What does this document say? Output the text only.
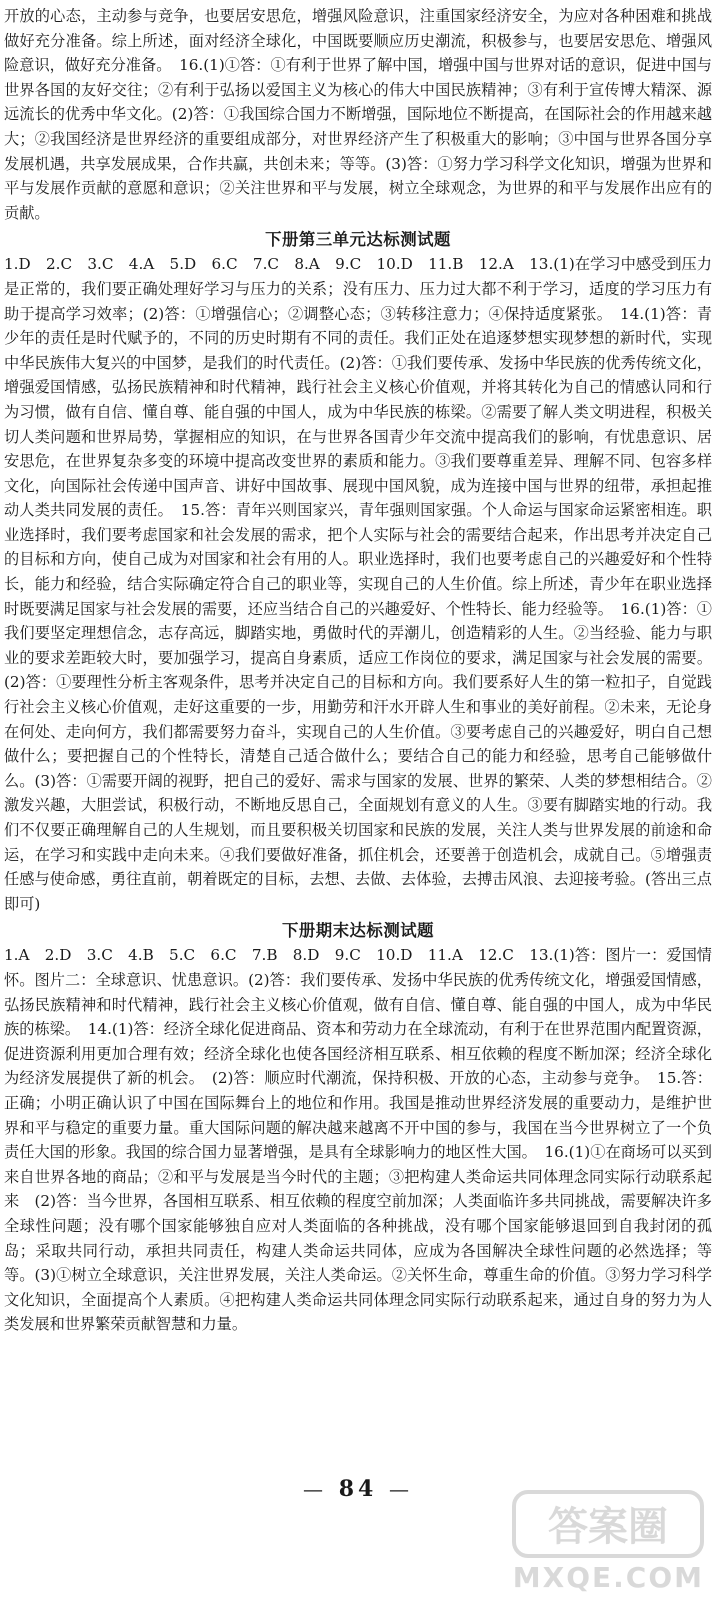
开放的心态，主动参与竞争，也要居安思危，增强风险意识，注重国家经济安全，为应对各种困难和挑战做好充分准备。综上所述，面对经济全球化，中国既要顺应历史潮流，积极参与，也要居安思危、增强风险意识，做好充分准备。　16.(1)①答：①有利于世界了解中国，增强中国与世界对话的意识，促进中国与世界各国的友好交往；②有利于弘扬以爱国主义为核心的伟大中国民族精神；③有利于宣传博大精深、源远流长的优秀中华文化。(2)答：①我国综合国力不断增强，国际地位不断提高，在国际社会的作用越来越大；②我国经济是世界经济的重要组成部分，对世界经济产生了积极重大的影响；③中国与世界各国分享发展机遇，共享发展成果，合作共赢，共创未来；等等。(3)答：①努力学习科学文化知识，增强为世界和平与发展作贡献的意愿和意识；②关注世界和平与发展，树立全球观念，为世界的和平与发展作出应有的贡献。

下册第三单元达标测试题

1.D　2.C　3.C　4.A　5.D　6.C　7.C　8.A　9.C　10.D　11.B　12.A　13.(1)在学习中感受到压力是正常的，我们要正确处理好学习与压力的关系；没有压力、压力过大都不利于学习，适度的学习压力有助于提高学习效率；(2)答：①增强信心；②调整心态；③转移注意力；④保持适度紧张。　14.(1)答：青少年的责任是时代赋予的，不同的历史时期有不同的责任。我们正处在追逐梦想实现梦想的新时代，实现中华民族伟大复兴的中国梦，是我们的时代责任。(2)答：①我们要传承、发扬中华民族的优秀传统文化，增强爱国情感，弘扬民族精神和时代精神，践行社会主义核心价值观，并将其转化为自己的情感认同和行为习惯，做有自信、懂自尊、能自强的中国人，成为中华民族的栋梁。②需要了解人类文明进程，积极关切人类问题和世界局势，掌握相应的知识，在与世界各国青少年交流中提高我们的影响，有忧患意识、居安思危，在世界复杂多变的环境中提高改变世界的素质和能力。③我们要尊重差异、理解不同、包容多样文化，向国际社会传递中国声音、讲好中国故事、展现中国风貌，成为连接中国与世界的纽带，承担起推动人类共同发展的责任。　15.答：青年兴则国家兴，青年强则国家强。个人命运与国家命运紧密相连。职业选择时，我们要考虑国家和社会发展的需求，把个人实际与社会的需要结合起来，作出思考并决定自己的目标和方向，使自己成为对国家和社会有用的人。职业选择时，我们也要考虑自己的兴趣爱好和个性特长，能力和经验，结合实际确定符合自己的职业等，实现自己的人生价值。综上所述，青少年在职业选择时既要满足国家与社会发展的需要，还应当结合自己的兴趣爱好、个性特长、能力经验等。　16.(1)答：①我们要坚定理想信念，志存高远，脚踏实地，勇做时代的弄潮儿，创造精彩的人生。②当经验、能力与职业的要求差距较大时，要加强学习，提高自身素质，适应工作岗位的要求，满足国家与社会发展的需要。(2)答：①要理性分析主客观条件，思考并决定自己的目标和方向。我们要系好人生的第一粒扣子，自觉践行社会主义核心价值观，走好这重要的一步，用勤劳和汗水开辟人生和事业的美好前程。②未来，无论身在何处、走向何方，我们都需要努力奋斗，实现自己的人生价值。③要考虑自己的兴趣爱好，明白自己想做什么；要把握自己的个性特长，清楚自己适合做什么；要结合自己的能力和经验，思考自己能够做什么。(3)答：①需要开阔的视野，把自己的爱好、需求与国家的发展、世界的繁荣、人类的梦想相结合。②激发兴趣，大胆尝试，积极行动，不断地反思自己，全面规划有意义的人生。③要有脚踏实地的行动。我们不仅要正确理解自己的人生规划，而且要积极关切国家和民族的发展，关注人类与世界发展的前途和命运，在学习和实践中走向未来。④我们要做好准备，抓住机会，还要善于创造机会，成就自己。⑤增强责任感与使命感，勇往直前，朝着既定的目标，去想、去做、去体验，去搏击风浪、去迎接考验。(答出三点即可)

下册期末达标测试题

1.A　2.D　3.C　4.B　5.C　6.C　7.B　8.D　9.C　10.D　11.A　12.C　13.(1)答：图片一：爱国情怀。图片二：全球意识、忧患意识。(2)答：我们要传承、发扬中华民族的优秀传统文化，增强爱国情感，弘扬民族精神和时代精神，践行社会主义核心价值观，做有自信、懂自尊、能自强的中国人，成为中华民族的栋梁。　14.(1)答：经济全球化促进商品、资本和劳动力在全球流动，有利于在世界范围内配置资源，促进资源利用更加合理有效；经济全球化也使各国经济相互联系、相互依赖的程度不断加深；经济全球化为经济发展提供了新的机会。　(2)答：顺应时代潮流，保持积极、开放的心态，主动参与竞争。　15.答：正确；小明正确认识了中国在国际舞台上的地位和作用。我国是推动世界经济发展的重要动力，是维护世界和平与稳定的重要力量。重大国际问题的解决越来越离不开中国的参与，我国在当今世界树立了一个负责任大国的形象。我国的综合国力显著增强，是具有全球影响力的地区性大国。　16.(1)①在商场可以买到来自世界各地的商品；②和平与发展是当今时代的主题；③把构建人类命运共同体理念同实际行动联系起来　(2)答：当今世界，各国相互联系、相互依赖的程度空前加深；人类面临许多共同挑战，需要解决许多全球性问题；没有哪个国家能够独自应对人类面临的各种挑战，没有哪个国家能够退回到自我封闭的孤岛；采取共同行动，承担共同责任，构建人类命运共同体，应成为各国解决全球性问题的必然选择；等等。(3)①树立全球意识，关注世界发展，关注人类命运。②关怀生命，尊重生命的价值。③努力学习科学文化知识，全面提高个人素质。④把构建人类命运共同体理念同实际行动联系起来，通过自身的努力为人类发展和世界繁荣贡献智慧和力量。

— 84 —
答案圈
MXQE.COM
